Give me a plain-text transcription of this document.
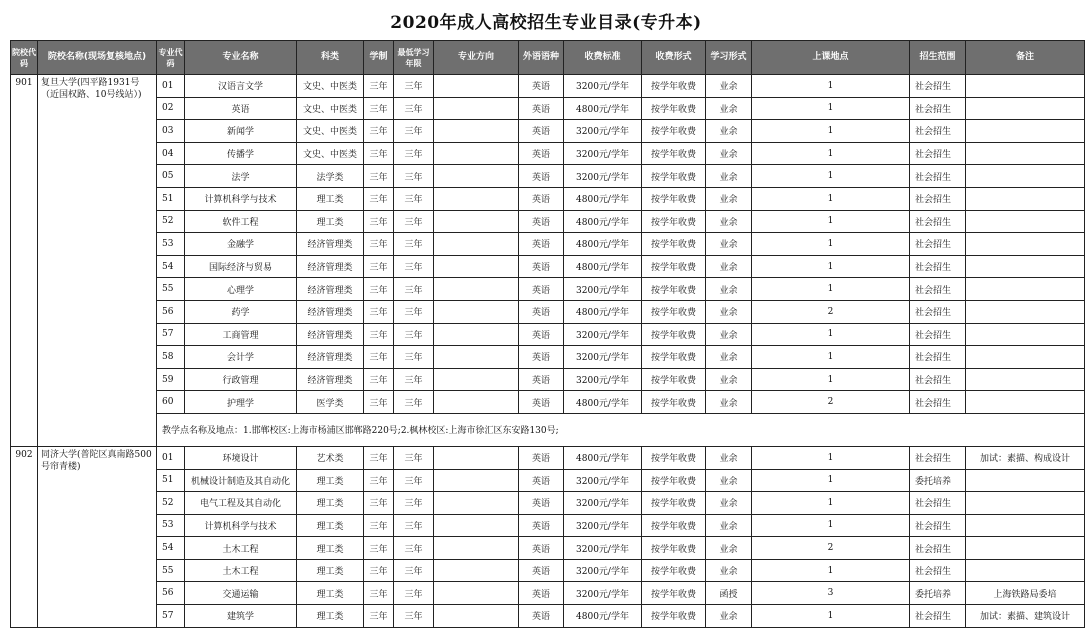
2020年成人高校招生专业目录(专升本)
院校代码	院校名称(现场复核地点)	专业代码	专业名称	科类	学制	最低学习年限	专业方向	外语语种	收费标准	收费形式	学习形式	上课地点	招生范围	备注
901	复旦大学(四平路1931号（近国权路、10号线站）)	01	汉语言文学	文史、中医类	三年	三年		英语	3200元/学年	按学年收费	业余	1	社会招生	
		02	英语	文史、中医类	三年	三年		英语	4800元/学年	按学年收费	业余	1	社会招生	
		03	新闻学	文史、中医类	三年	三年		英语	3200元/学年	按学年收费	业余	1	社会招生	
		04	传播学	文史、中医类	三年	三年		英语	3200元/学年	按学年收费	业余	1	社会招生	
		05	法学	法学类	三年	三年		英语	3200元/学年	按学年收费	业余	1	社会招生	
		51	计算机科学与技术	理工类	三年	三年		英语	4800元/学年	按学年收费	业余	1	社会招生	
		52	软件工程	理工类	三年	三年		英语	4800元/学年	按学年收费	业余	1	社会招生	
		53	金融学	经济管理类	三年	三年		英语	4800元/学年	按学年收费	业余	1	社会招生	
		54	国际经济与贸易	经济管理类	三年	三年		英语	4800元/学年	按学年收费	业余	1	社会招生	
		55	心理学	经济管理类	三年	三年		英语	3200元/学年	按学年收费	业余	1	社会招生	
		56	药学	经济管理类	三年	三年		英语	4800元/学年	按学年收费	业余	2	社会招生	
		57	工商管理	经济管理类	三年	三年		英语	3200元/学年	按学年收费	业余	1	社会招生	
		58	会计学	经济管理类	三年	三年		英语	3200元/学年	按学年收费	业余	1	社会招生	
		59	行政管理	经济管理类	三年	三年		英语	3200元/学年	按学年收费	业余	1	社会招生	
		60	护理学	医学类	三年	三年		英语	4800元/学年	按学年收费	业余	2	社会招生	
		教学点名称及地点：1.邯郸校区:上海市杨浦区邯郸路220号;2.枫林校区:上海市徐汇区东安路130号;												
902	同济大学(普陀区真南路500号帘青楼)	01	环境设计	艺术类	三年	三年		英语	4800元/学年	按学年收费	业余	1	社会招生	加试：素描、构成设计
		51	机械设计制造及其自动化	理工类	三年	三年		英语	3200元/学年	按学年收费	业余	1	委托培养	
		52	电气工程及其自动化	理工类	三年	三年		英语	3200元/学年	按学年收费	业余	1	社会招生	
		53	计算机科学与技术	理工类	三年	三年		英语	3200元/学年	按学年收费	业余	1	社会招生	
		54	土木工程	理工类	三年	三年		英语	3200元/学年	按学年收费	业余	2	社会招生	
		55	土木工程	理工类	三年	三年		英语	3200元/学年	按学年收费	业余	1	社会招生	
		56	交通运输	理工类	三年	三年		英语	3200元/学年	按学年收费	函授	3	委托培养	上海铁路局委培
		57	建筑学	理工类	三年	三年		英语	4800元/学年	按学年收费	业余	1	社会招生	加试：素描、建筑设计
